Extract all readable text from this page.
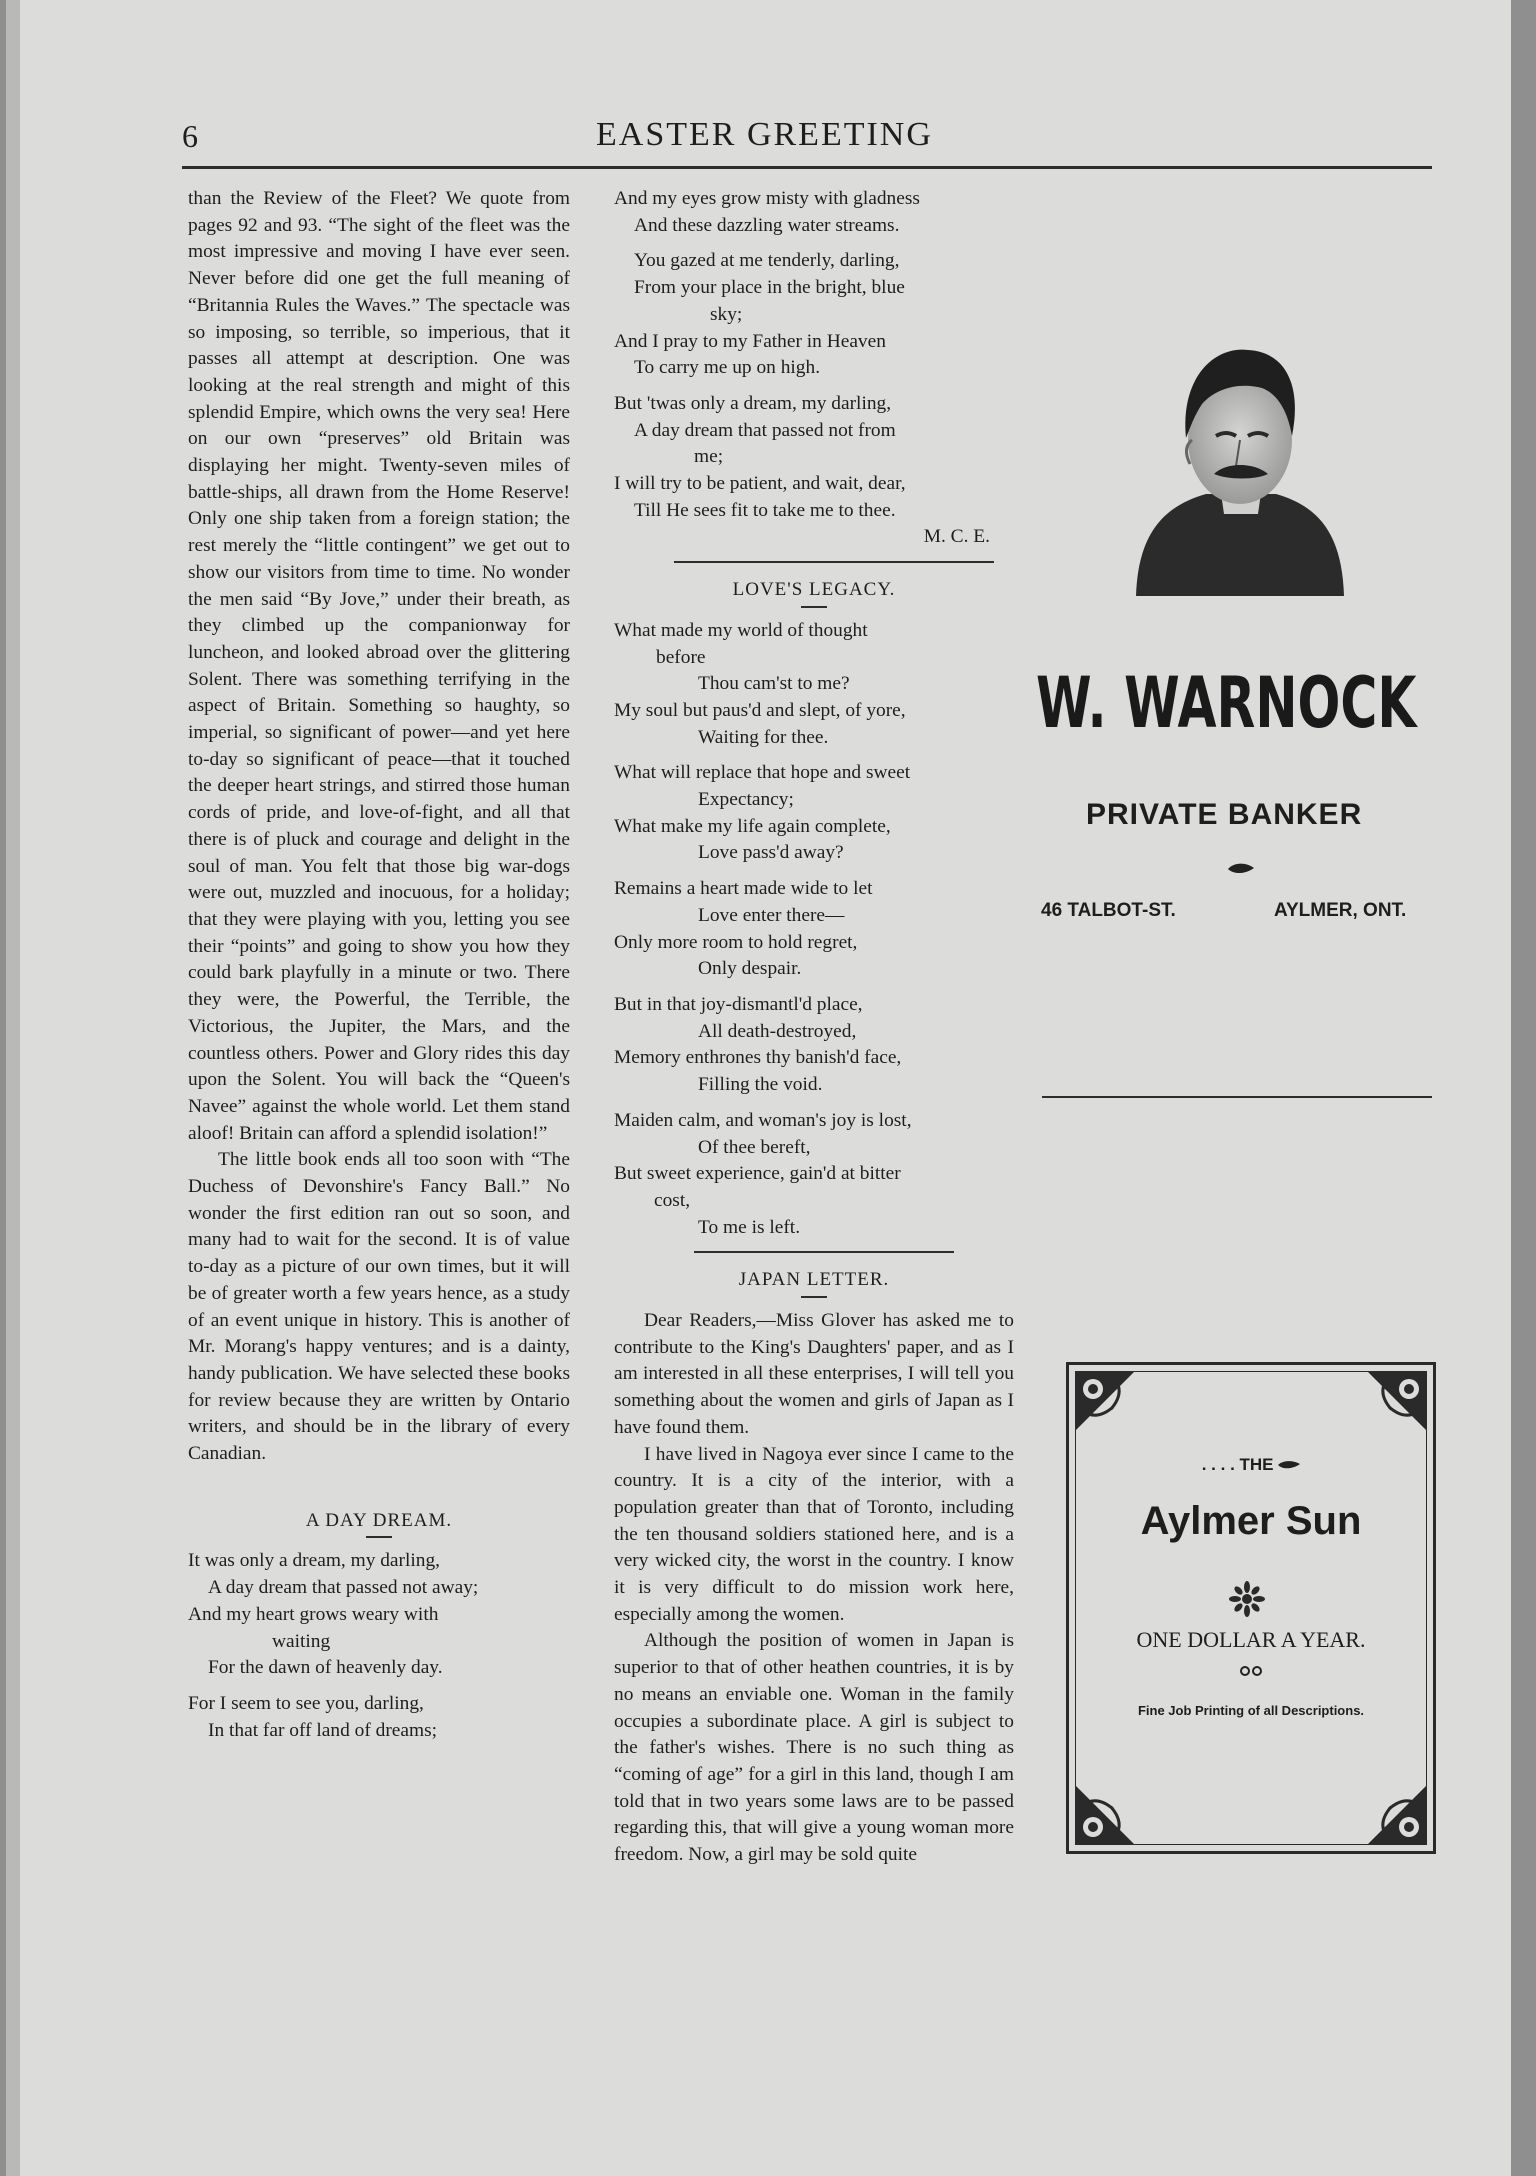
6	EASTER GREETING

than the Review of the Fleet? We quote from pages 92 and 93. “The sight of the fleet was the most impressive and moving I have ever seen. Never before did one get the full meaning of “Britannia Rules the Waves.” The spectacle was so imposing, so terrible, so imperious, that it passes all attempt at description. One was looking at the real strength and might of this splendid Empire, which owns the very sea! Here on our own “preserves” old Britain was displaying her might. Twenty-seven miles of battle-ships, all drawn from the Home Reserve! Only one ship taken from a foreign station; the rest merely the “little contingent” we get out to show our visitors from time to time. No wonder the men said “By Jove,” under their breath, as they climbed up the companionway for luncheon, and looked abroad over the glittering Solent. There was something terrifying in the aspect of Britain. Something so haughty, so imperial, so significant of power—and yet here to-day so significant of peace—that it touched the deeper heart strings, and stirred those human cords of pride, and love-of-fight, and all that there is of pluck and courage and delight in the soul of man. You felt that those big war-dogs were out, muzzled and inocuous, for a holiday; that they were playing with you, letting you see their “points” and going to show you how they could bark playfully in a minute or two. There they were, the Powerful, the Terrible, the Victorious, the Jupiter, the Mars, and the countless others. Power and Glory rides this day upon the Solent. You will back the “Queen's Navee” against the whole world. Let them stand aloof! Britain can afford a splendid isolation!”

The little book ends all too soon with “The Duchess of Devonshire's Fancy Ball.” No wonder the first edition ran out so soon, and many had to wait for the second. It is of value to-day as a picture of our own times, but it will be of greater worth a few years hence, as a study of an event unique in history. This is another of Mr. Morang's happy ventures; and is a dainty, handy publication. We have selected these books for review because they are written by Ontario writers, and should be in the library of every Canadian.

A DAY DREAM.
It was only a dream, my darling,
A day dream that passed not away;
And my heart grows weary with
waiting
For the dawn of heavenly day.
For I seem to see you, darling,
In that far off land of dreams;
And my eyes grow misty with gladness
And these dazzling water streams.
You gazed at me tenderly, darling,
From your place in the bright, blue
sky;
And I pray to my Father in Heaven
To carry me up on high.
But 'twas only a dream, my darling,
A day dream that passed not from
me;
I will try to be patient, and wait, dear,
Till He sees fit to take me to thee.
M. C. E.
LOVE'S LEGACY.
What made my world of thought
before
Thou cam'st to me?
My soul but paus'd and slept, of yore,
Waiting for thee.
What will replace that hope and sweet
Expectancy;
What make my life again complete,
Love pass'd away?
Remains a heart made wide to let
Love enter there—
Only more room to hold regret,
Only despair.
But in that joy-dismantl'd place,
All death-destroyed,
Memory enthrones thy banish'd face,
Filling the void.
Maiden calm, and woman's joy is lost,
Of thee bereft,
But sweet experience, gain'd at bitter
cost,
To me is left.
JAPAN LETTER.

Dear Readers,—Miss Glover has asked me to contribute to the King's Daughters' paper, and as I am interested in all these enterprises, I will tell you something about the women and girls of Japan as I have found them.

I have lived in Nagoya ever since I came to the country. It is a city of the interior, with a population greater than that of Toronto, including the ten thousand soldiers stationed here, and is a very wicked city, the worst in the country. I know it is very difficult to do mission work here, especially among the women.

Although the position of women in Japan is superior to that of other heathen countries, it is by no means an enviable one. Woman in the family occupies a subordinate place. A girl is subject to the father's wishes. There is no such thing as “coming of age” for a girl in this land, though I am told that in two years some laws are to be passed regarding this, that will give a young woman more freedom. Now, a girl may be sold quite

W. WARNOCK
PRIVATE BANKER
46 TALBOT-ST.	AYLMER, ONT.
. . . . THE
Aylmer Sun
ONE DOLLAR A YEAR.
Fine Job Printing of all Descriptions.
